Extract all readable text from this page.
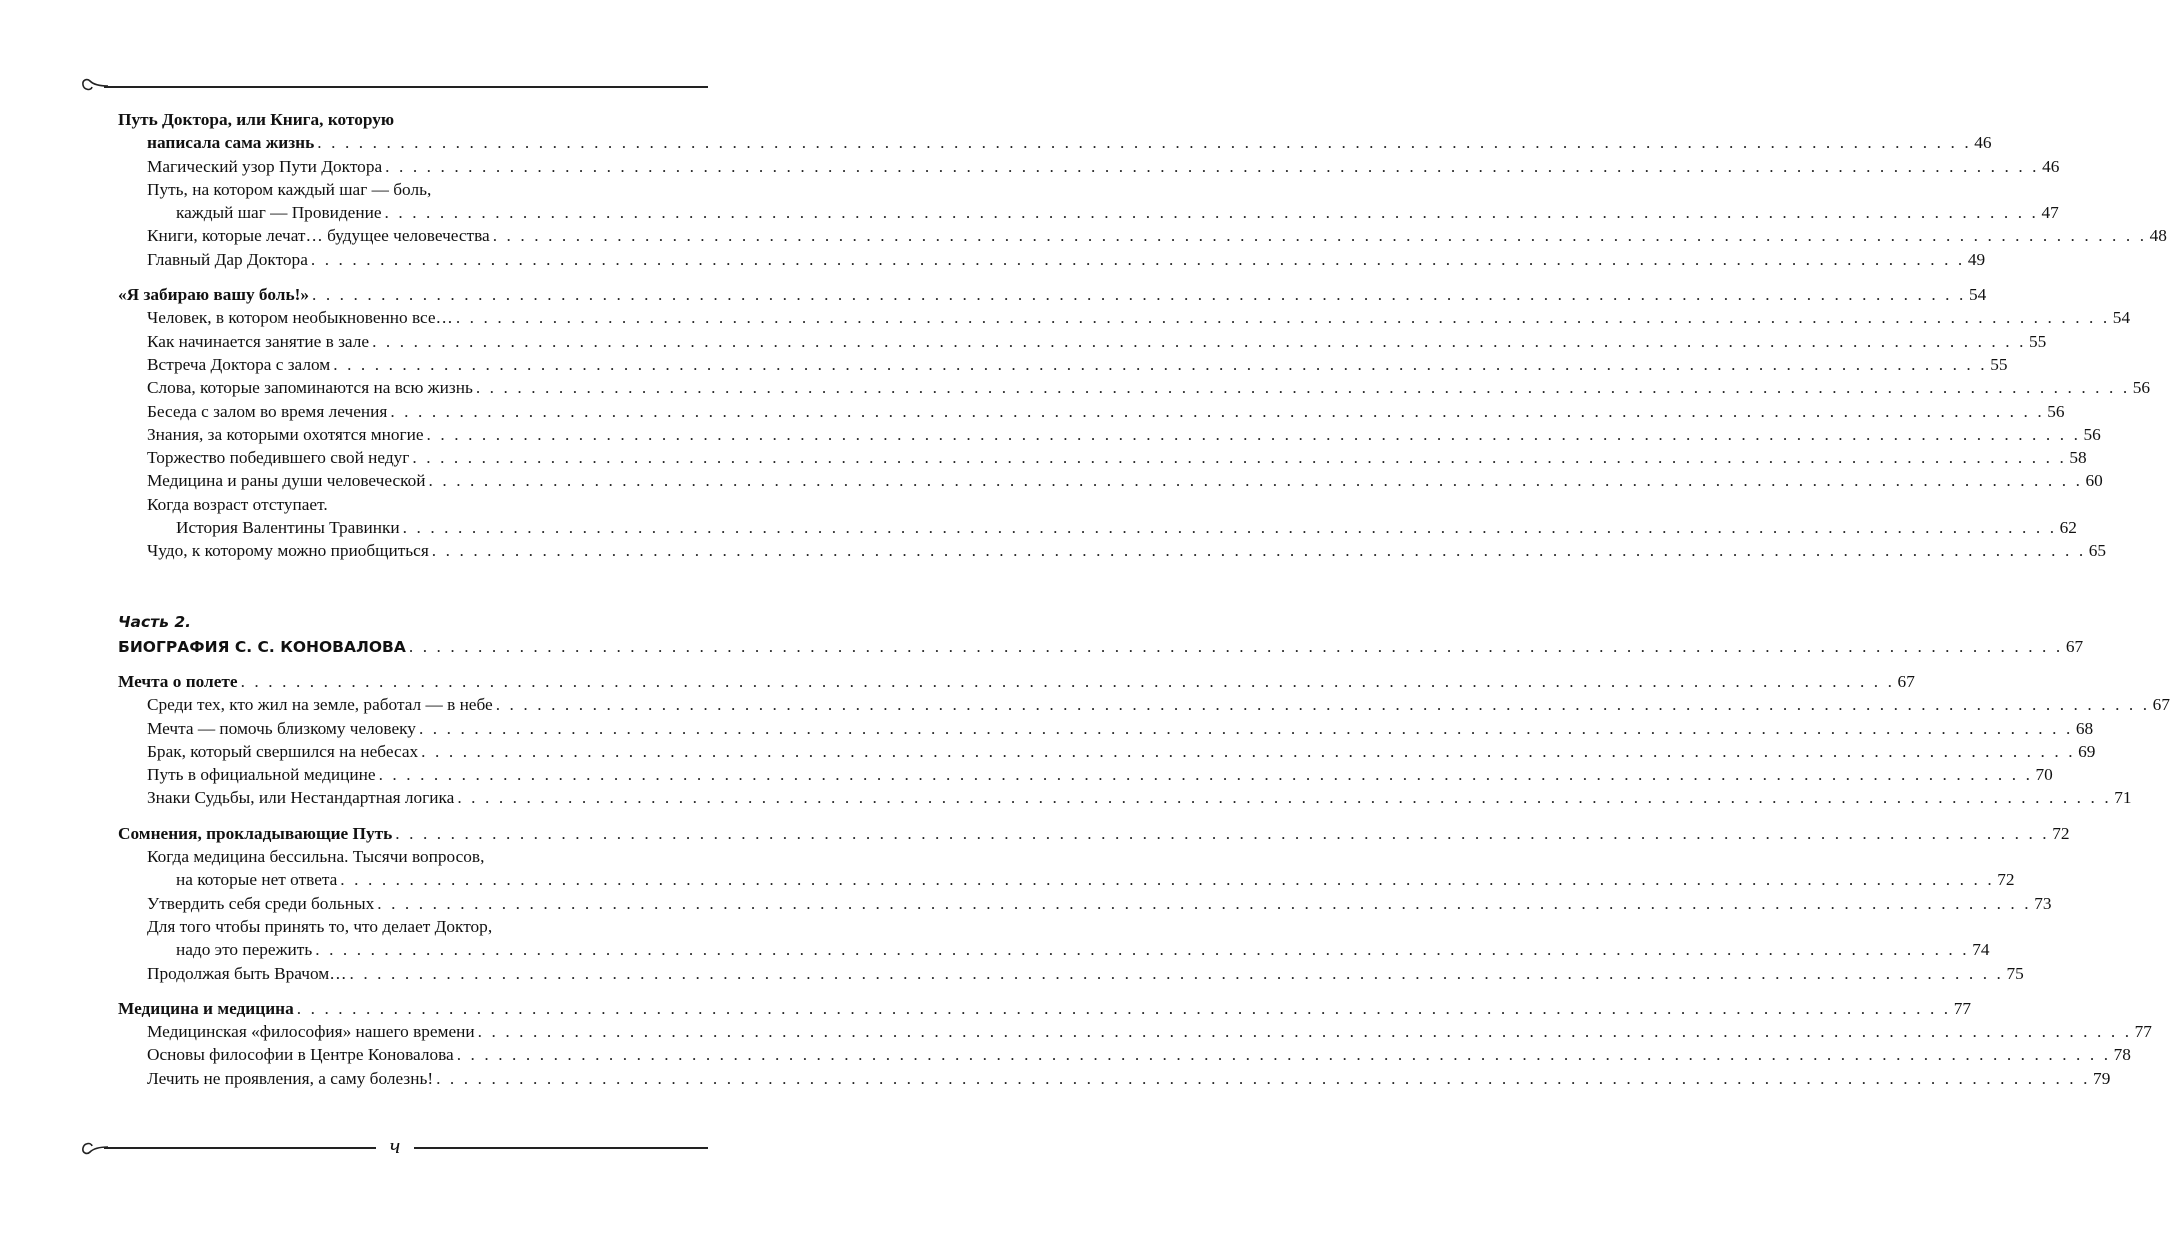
Путь Доктора, или Книга, которую
написала сама жизнь . . . . . . . . . . . . . . . . . . . . . . . . . . . . . . . . . . . . . . . . . . . . . . . . . . . . . . . . . . . . . . . . . . . . . . . . . . . . . . . . . . . . . . . . . . . . . . . . . . . . . . . . . . . . . . . . . . . . . . . . 46
Магический узор Пути Доктора . . . . . . . . . . . . . . . . . . . . . . . . . . . . . . . . . . . . . . . . . . . . . . . . . . . . . . . . . . . . . . . . . . . . . . . . . . . . . . . . . . . . . . . . . . . . . . . . . . . . . . . . . . . . . . . . . . . . . . . . 46
Путь, на котором каждый шаг — боль,
каждый шаг — Провидение . . . . . . . . . . . . . . . . . . . . . . . . . . . . . . . . . . . . . . . . . . . . . . . . . . . . . . . . . . . . . . . . . . . . . . . . . . . . . . . . . . . . . . . . . . . . . . . . . . . . . . . . . . . . . . . . . . . . . . . . 47
Книги, которые лечат… будущее человечества . . . . . . . . . . . . . . . . . . . . . . . . . . . . . . . . . . . . . . . . . . . . . . . . . . . . . . . . . . . . . . . . . . . . . . . . . . . . . . . . . . . . . . . . . . . . . . . . . . . . . . . . . . . . . . . . . . . . . . . . 48
Главный Дар Доктора . . . . . . . . . . . . . . . . . . . . . . . . . . . . . . . . . . . . . . . . . . . . . . . . . . . . . . . . . . . . . . . . . . . . . . . . . . . . . . . . . . . . . . . . . . . . . . . . . . . . . . . . . . . . . . . . . . . . . . . . 49
«Я забираю вашу боль!» . . . . . . . . . . . . . . . . . . . . . . . . . . . . . . . . . . . . . . . . . . . . . . . . . . . . . . . . . . . . . . . . . . . . . . . . . . . . . . . . . . . . . . . . . . . . . . . . . . . . . . . . . . . . . . . . . . . . . . . . 54
Человек, в котором необыкновенно все… . . . . . . . . . . . . . . . . . . . . . . . . . . . . . . . . . . . . . . . . . . . . . . . . . . . . . . . . . . . . . . . . . . . . . . . . . . . . . . . . . . . . . . . . . . . . . . . . . . . . . . . . . . . . . . . . . . . . . . . . 54
Как начинается занятие в зале . . . . . . . . . . . . . . . . . . . . . . . . . . . . . . . . . . . . . . . . . . . . . . . . . . . . . . . . . . . . . . . . . . . . . . . . . . . . . . . . . . . . . . . . . . . . . . . . . . . . . . . . . . . . . . . . . . . . . . . . 55
Встреча Доктора с залом . . . . . . . . . . . . . . . . . . . . . . . . . . . . . . . . . . . . . . . . . . . . . . . . . . . . . . . . . . . . . . . . . . . . . . . . . . . . . . . . . . . . . . . . . . . . . . . . . . . . . . . . . . . . . . . . . . . . . . . . 55
Слова, которые запоминаются на всю жизнь . . . . . . . . . . . . . . . . . . . . . . . . . . . . . . . . . . . . . . . . . . . . . . . . . . . . . . . . . . . . . . . . . . . . . . . . . . . . . . . . . . . . . . . . . . . . . . . . . . . . . . . . . . . . . . . . . . . . . . . . 56
Беседа с залом во время лечения . . . . . . . . . . . . . . . . . . . . . . . . . . . . . . . . . . . . . . . . . . . . . . . . . . . . . . . . . . . . . . . . . . . . . . . . . . . . . . . . . . . . . . . . . . . . . . . . . . . . . . . . . . . . . . . . . . . . . . . . 56
Знания, за которыми охотятся многие . . . . . . . . . . . . . . . . . . . . . . . . . . . . . . . . . . . . . . . . . . . . . . . . . . . . . . . . . . . . . . . . . . . . . . . . . . . . . . . . . . . . . . . . . . . . . . . . . . . . . . . . . . . . . . . . . . . . . . . . 56
Торжество победившего свой недуг . . . . . . . . . . . . . . . . . . . . . . . . . . . . . . . . . . . . . . . . . . . . . . . . . . . . . . . . . . . . . . . . . . . . . . . . . . . . . . . . . . . . . . . . . . . . . . . . . . . . . . . . . . . . . . . . . . . . . . . . 58
Медицина и раны души человеческой . . . . . . . . . . . . . . . . . . . . . . . . . . . . . . . . . . . . . . . . . . . . . . . . . . . . . . . . . . . . . . . . . . . . . . . . . . . . . . . . . . . . . . . . . . . . . . . . . . . . . . . . . . . . . . . . . . . . . . . . 60
Когда возраст отступает.
История Валентины Травинки . . . . . . . . . . . . . . . . . . . . . . . . . . . . . . . . . . . . . . . . . . . . . . . . . . . . . . . . . . . . . . . . . . . . . . . . . . . . . . . . . . . . . . . . . . . . . . . . . . . . . . . . . . . . . . . . . . . . . . . . 62
Чудо, к которому можно приобщиться . . . . . . . . . . . . . . . . . . . . . . . . . . . . . . . . . . . . . . . . . . . . . . . . . . . . . . . . . . . . . . . . . . . . . . . . . . . . . . . . . . . . . . . . . . . . . . . . . . . . . . . . . . . . . . . . . . . . . . . . 65
Часть 2.
БИОГРАФИЯ С. С. КОНОВАЛОВА . . . . . . . . . . . . . . . . . . . . . . . . . . . . . . . . . . . . . . . . . . . . . . . . . . . . . . . . . . . . . . . . . . . . . . . . . . . . . . . . . . . . . . . . . . . . . . . . . . . . . . . . . . . . . . . . . . . . . . . . 67
Мечта о полете . . . . . . . . . . . . . . . . . . . . . . . . . . . . . . . . . . . . . . . . . . . . . . . . . . . . . . . . . . . . . . . . . . . . . . . . . . . . . . . . . . . . . . . . . . . . . . . . . . . . . . . . . . . . . . . . . . . . . . . . 67
Среди тех, кто жил на земле, работал — в небе . . . . . . . . . . . . . . . . . . . . . . . . . . . . . . . . . . . . . . . . . . . . . . . . . . . . . . . . . . . . . . . . . . . . . . . . . . . . . . . . . . . . . . . . . . . . . . . . . . . . . . . . . . . . . . . . . . . . . . . . 67
Мечта — помочь близкому человеку . . . . . . . . . . . . . . . . . . . . . . . . . . . . . . . . . . . . . . . . . . . . . . . . . . . . . . . . . . . . . . . . . . . . . . . . . . . . . . . . . . . . . . . . . . . . . . . . . . . . . . . . . . . . . . . . . . . . . . . . 68
Брак, который свершился на небесах . . . . . . . . . . . . . . . . . . . . . . . . . . . . . . . . . . . . . . . . . . . . . . . . . . . . . . . . . . . . . . . . . . . . . . . . . . . . . . . . . . . . . . . . . . . . . . . . . . . . . . . . . . . . . . . . . . . . . . . . 69
Путь в официальной медицине . . . . . . . . . . . . . . . . . . . . . . . . . . . . . . . . . . . . . . . . . . . . . . . . . . . . . . . . . . . . . . . . . . . . . . . . . . . . . . . . . . . . . . . . . . . . . . . . . . . . . . . . . . . . . . . . . . . . . . . . 70
Знаки Судьбы, или Нестандартная логика . . . . . . . . . . . . . . . . . . . . . . . . . . . . . . . . . . . . . . . . . . . . . . . . . . . . . . . . . . . . . . . . . . . . . . . . . . . . . . . . . . . . . . . . . . . . . . . . . . . . . . . . . . . . . . . . . . . . . . . . 71
Сомнения, прокладывающие Путь . . . . . . . . . . . . . . . . . . . . . . . . . . . . . . . . . . . . . . . . . . . . . . . . . . . . . . . . . . . . . . . . . . . . . . . . . . . . . . . . . . . . . . . . . . . . . . . . . . . . . . . . . . . . . . . . . . . . . . . . 72
Когда медицина бессильна. Тысячи вопросов,
на которые нет ответа . . . . . . . . . . . . . . . . . . . . . . . . . . . . . . . . . . . . . . . . . . . . . . . . . . . . . . . . . . . . . . . . . . . . . . . . . . . . . . . . . . . . . . . . . . . . . . . . . . . . . . . . . . . . . . . . . . . . . . . . 72
Утвердить себя среди больных . . . . . . . . . . . . . . . . . . . . . . . . . . . . . . . . . . . . . . . . . . . . . . . . . . . . . . . . . . . . . . . . . . . . . . . . . . . . . . . . . . . . . . . . . . . . . . . . . . . . . . . . . . . . . . . . . . . . . . . . 73
Для того чтобы принять то, что делает Доктор,
надо это пережить . . . . . . . . . . . . . . . . . . . . . . . . . . . . . . . . . . . . . . . . . . . . . . . . . . . . . . . . . . . . . . . . . . . . . . . . . . . . . . . . . . . . . . . . . . . . . . . . . . . . . . . . . . . . . . . . . . . . . . . . 74
Продолжая быть Врачом… . . . . . . . . . . . . . . . . . . . . . . . . . . . . . . . . . . . . . . . . . . . . . . . . . . . . . . . . . . . . . . . . . . . . . . . . . . . . . . . . . . . . . . . . . . . . . . . . . . . . . . . . . . . . . . . . . . . . . . . . 75
Медицина и медицина . . . . . . . . . . . . . . . . . . . . . . . . . . . . . . . . . . . . . . . . . . . . . . . . . . . . . . . . . . . . . . . . . . . . . . . . . . . . . . . . . . . . . . . . . . . . . . . . . . . . . . . . . . . . . . . . . . . . . . . . 77
Медицинская «философия» нашего времени . . . . . . . . . . . . . . . . . . . . . . . . . . . . . . . . . . . . . . . . . . . . . . . . . . . . . . . . . . . . . . . . . . . . . . . . . . . . . . . . . . . . . . . . . . . . . . . . . . . . . . . . . . . . . . . . . . . . . . . . 77
Основы философии в Центре Коновалова . . . . . . . . . . . . . . . . . . . . . . . . . . . . . . . . . . . . . . . . . . . . . . . . . . . . . . . . . . . . . . . . . . . . . . . . . . . . . . . . . . . . . . . . . . . . . . . . . . . . . . . . . . . . . . . . . . . . . . . . 78
Лечить не проявления, а саму болезнь! . . . . . . . . . . . . . . . . . . . . . . . . . . . . . . . . . . . . . . . . . . . . . . . . . . . . . . . . . . . . . . . . . . . . . . . . . . . . . . . . . . . . . . . . . . . . . . . . . . . . . . . . . . . . . . . . . . . . . . . . 79
ч
